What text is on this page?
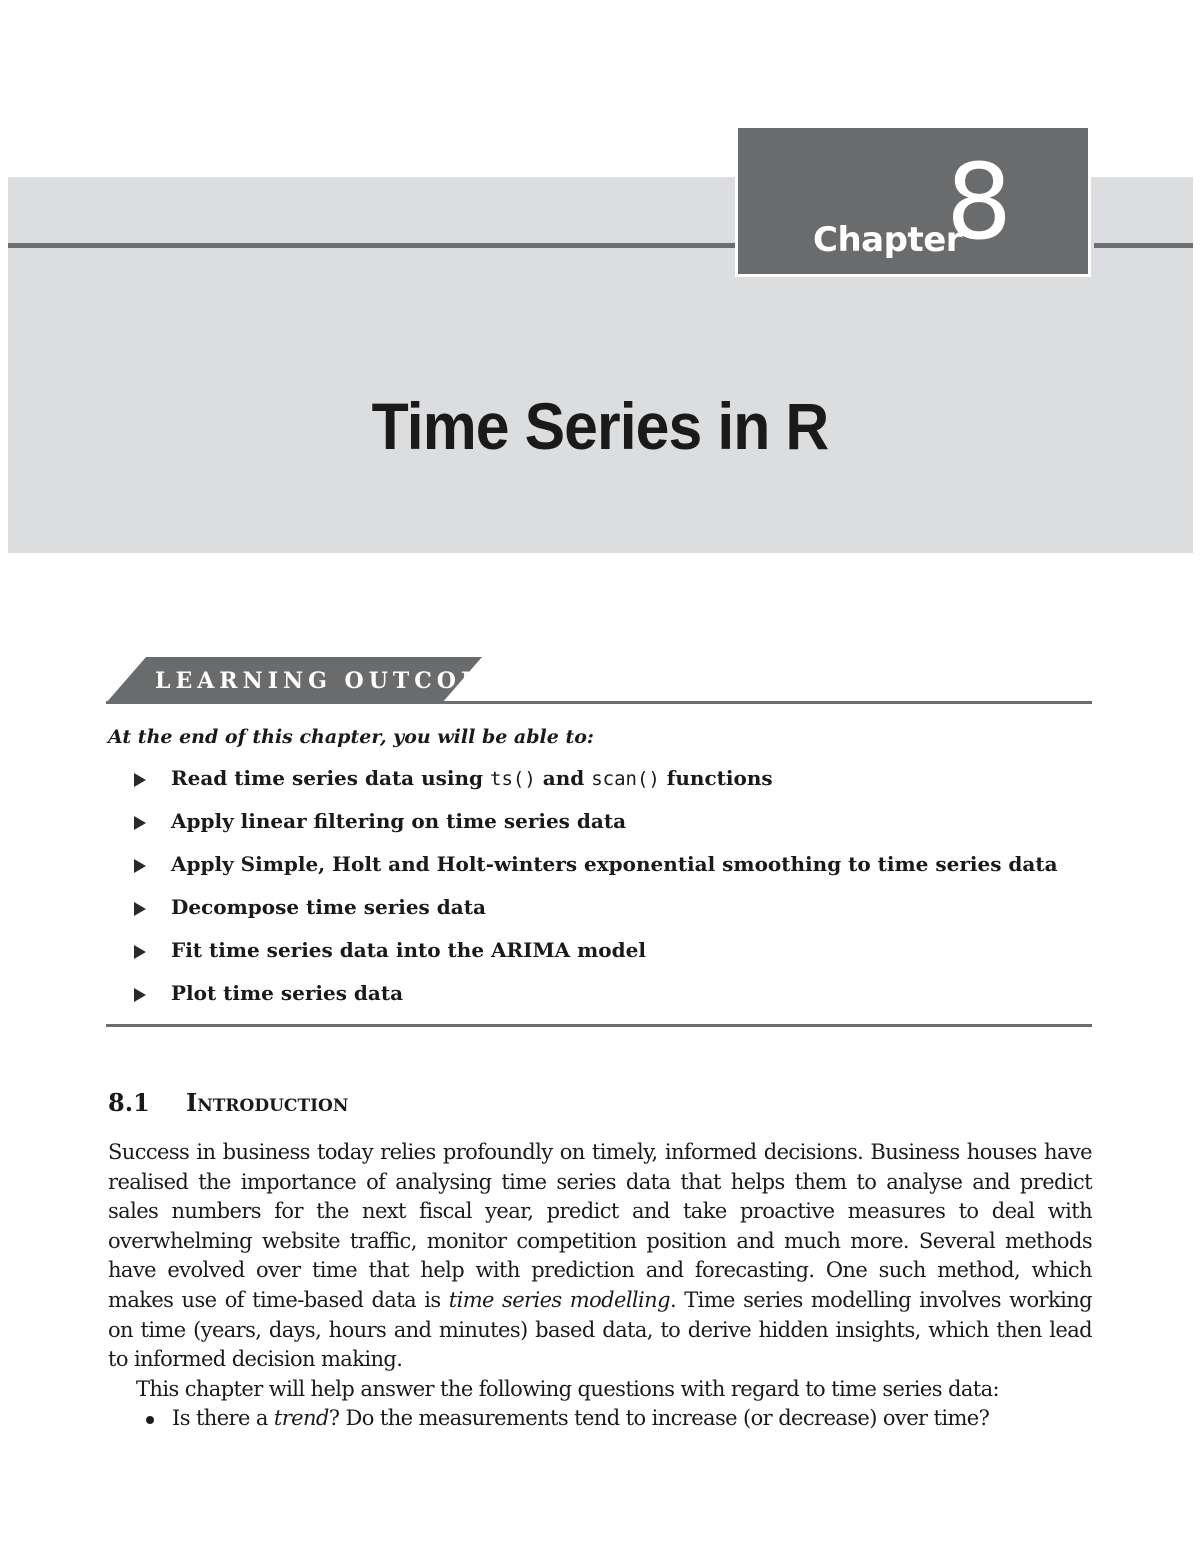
Chapter
8
Time Series in R
LEARNING OUTCOME
At the end of this chapter, you will be able to:
Read time series data using ts() and scan() functions
Apply linear filtering on time series data
Apply Simple, Holt and Holt-winters exponential smoothing to time series data
Decompose time series data
Fit time series data into the ARIMA model
Plot time series data
8.1 Introduction

Success in business today relies profoundly on timely, informed decisions. Business houses have realised the importance of analysing time series data that helps them to analyse and predict sales numbers for the next fiscal year, predict and take proactive measures to deal with overwhelming website traffic, monitor competition position and much more. Several methods have evolved over time that help with prediction and forecasting. One such method, which makes use of time-based data is time series modelling. Time series modelling involves working on time (years, days, hours and minutes) based data, to derive hidden insights, which then lead to informed decision making.

This chapter will help answer the following questions with regard to time series data:

Is there a trend? Do the measurements tend to increase (or decrease) over time?
